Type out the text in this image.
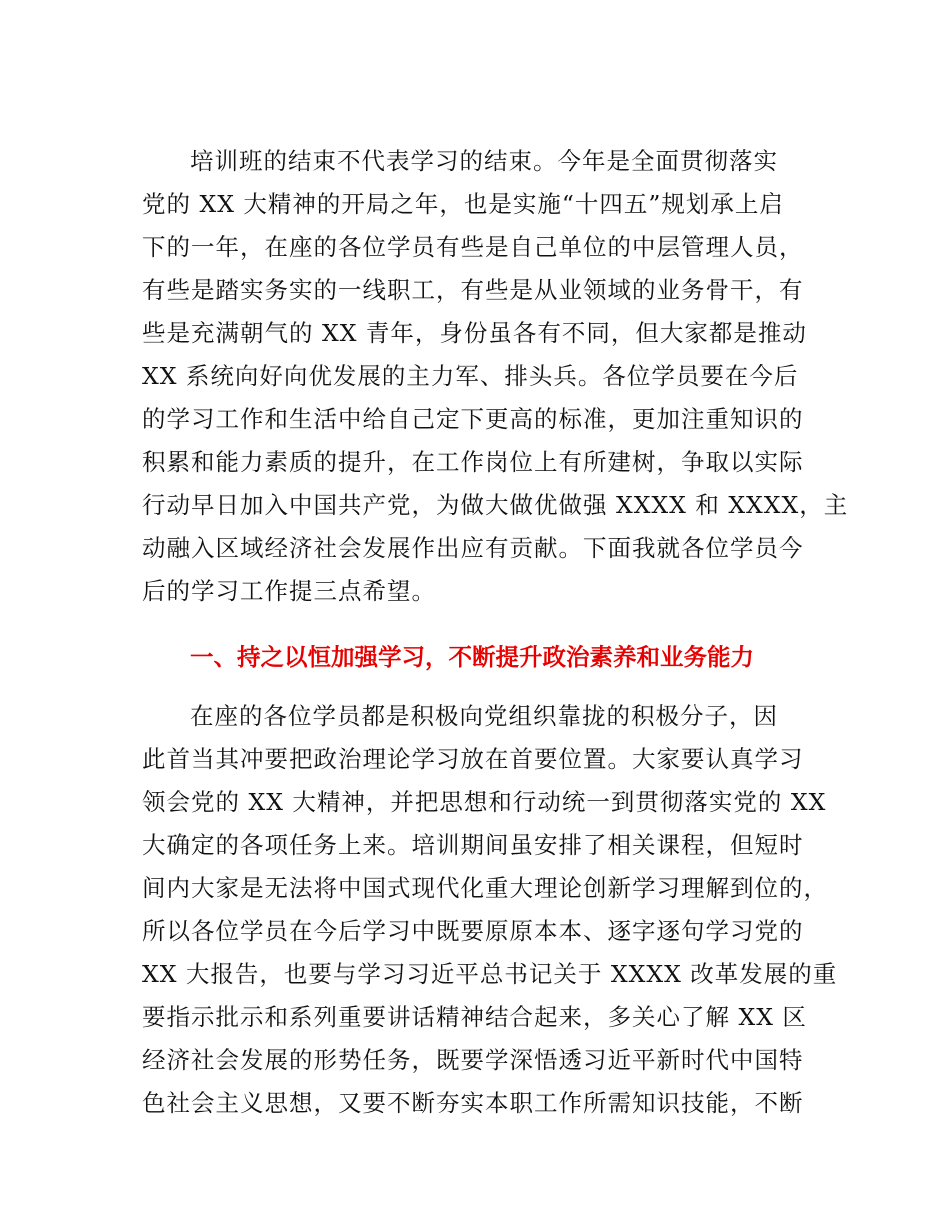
培训班的结束不代表学习的结束。今年是全面贯彻落实
党的 XX 大精神的开局之年，也是实施“十四五”规划承上启
下的一年，在座的各位学员有些是自己单位的中层管理人员，
有些是踏实务实的一线职工，有些是从业领域的业务骨干，有
些是充满朝气的 XX 青年，身份虽各有不同，但大家都是推动
XX 系统向好向优发展的主力军、排头兵。各位学员要在今后
的学习工作和生活中给自己定下更高的标准，更加注重知识的
积累和能力素质的提升，在工作岗位上有所建树，争取以实际
行动早日加入中国共产党，为做大做优做强 XXXX 和 XXXX，主
动融入区域经济社会发展作出应有贡献。下面我就各位学员今
后的学习工作提三点希望。
一、持之以恒加强学习，不断提升政治素养和业务能力
在座的各位学员都是积极向党组织靠拢的积极分子，因
此首当其冲要把政治理论学习放在首要位置。大家要认真学习
领会党的 XX 大精神，并把思想和行动统一到贯彻落实党的 XX
大确定的各项任务上来。培训期间虽安排了相关课程，但短时
间内大家是无法将中国式现代化重大理论创新学习理解到位的，
所以各位学员在今后学习中既要原原本本、逐字逐句学习党的
XX 大报告，也要与学习习近平总书记关于 XXXX 改革发展的重
要指示批示和系列重要讲话精神结合起来，多关心了解 XX 区
经济社会发展的形势任务，既要学深悟透习近平新时代中国特
色社会主义思想，又要不断夯实本职工作所需知识技能，不断
